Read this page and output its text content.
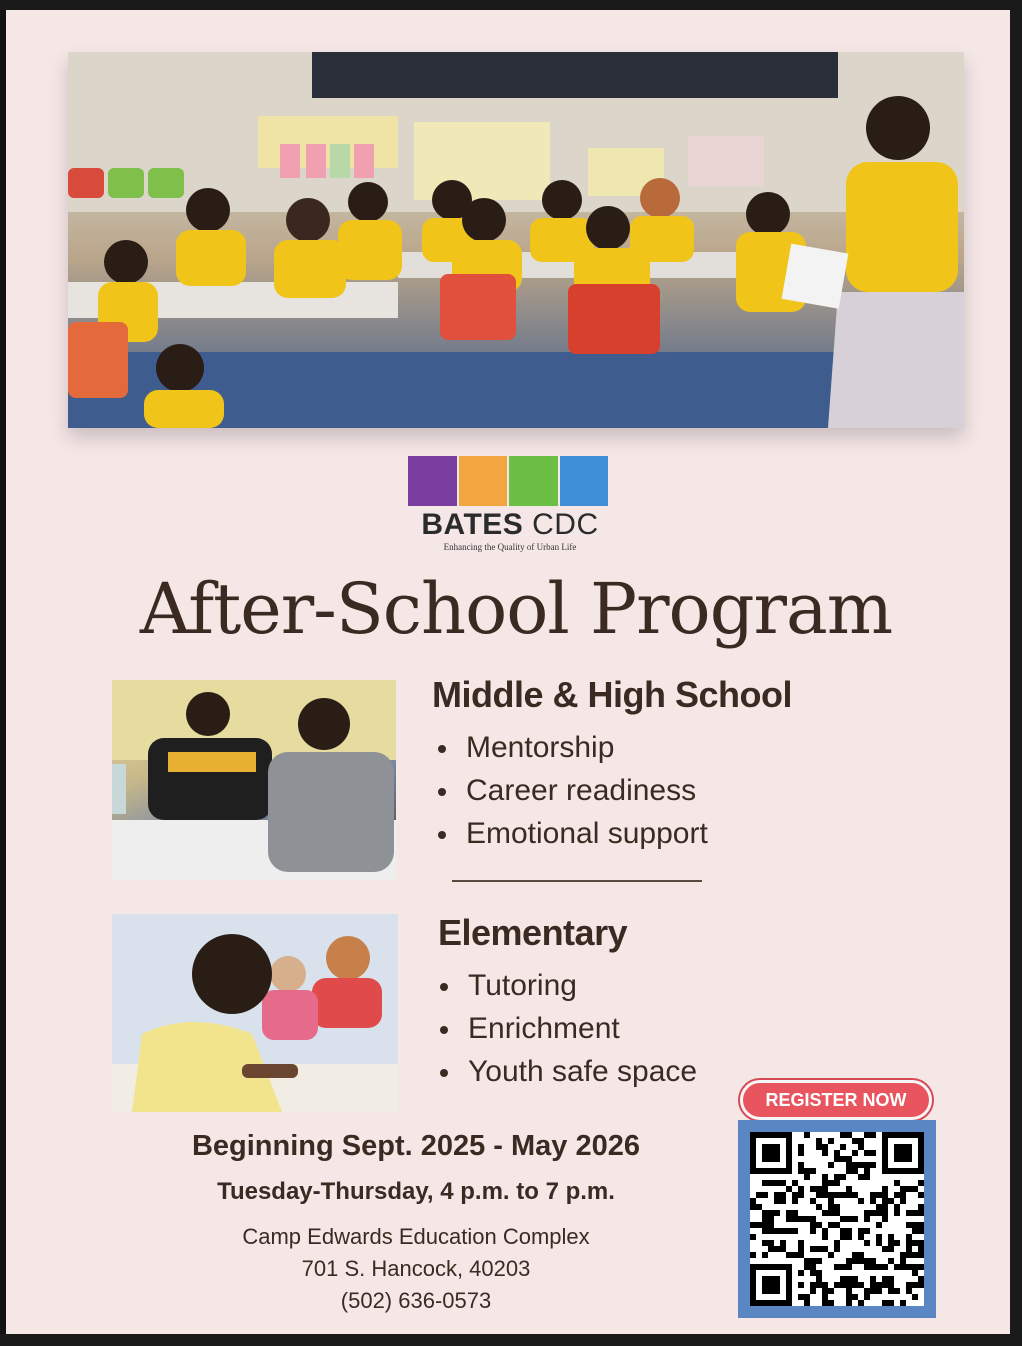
BATES CDC
Enhancing the Quality of Urban Life
After-School Program
Middle & High School
Mentorship
Career readiness
Emotional support
Elementary
Tutoring
Enrichment
Youth safe space
Beginning Sept. 2025 - May 2026
Tuesday-Thursday, 4 p.m. to 7 p.m.
Camp Edwards Education Complex
701 S. Hancock, 40203
(502) 636-0573
REGISTER NOW
